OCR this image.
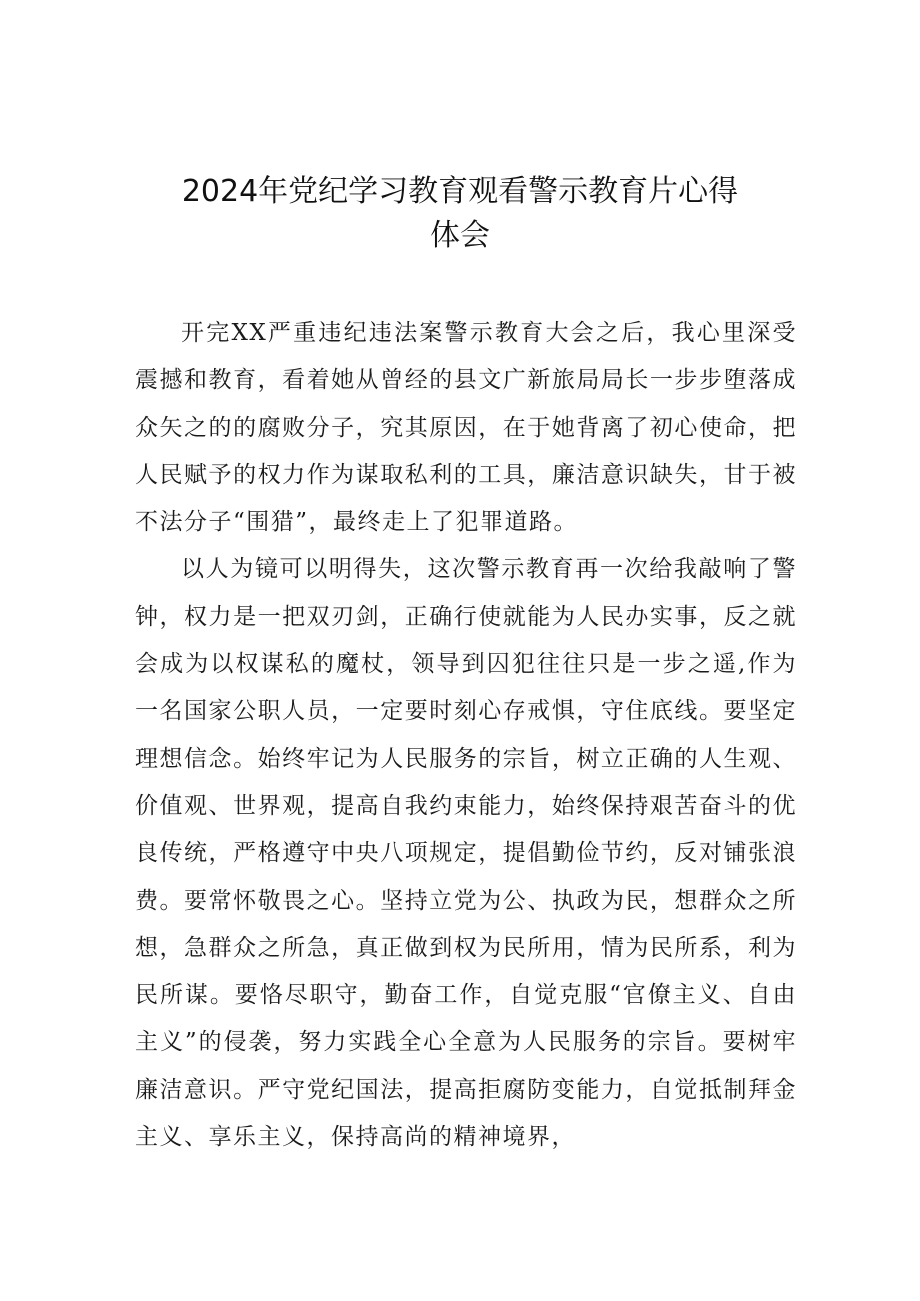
2024年党纪学习教育观看警示教育片心得
体会

开完XX严重违纪违法案警示教育大会之后，我心里深受震撼和教育，看着她从曾经的县文广新旅局局长一步步堕落成众矢之的的腐败分子，究其原因，在于她背离了初心使命，把人民赋予的权力作为谋取私利的工具，廉洁意识缺失，甘于被不法分子“围猎”，最终走上了犯罪道路。

以人为镜可以明得失，这次警示教育再一次给我敲响了警钟，权力是一把双刃剑，正确行使就能为人民办实事，反之就会成为以权谋私的魔杖，领导到囚犯往往只是一步之遥,作为一名国家公职人员，一定要时刻心存戒惧，守住底线。要坚定理想信念。始终牢记为人民服务的宗旨，树立正确的人生观、价值观、世界观，提高自我约束能力，始终保持艰苦奋斗的优良传统，严格遵守中央八项规定，提倡勤俭节约，反对铺张浪费。要常怀敬畏之心。坚持立党为公、执政为民，想群众之所想，急群众之所急，真正做到权为民所用，情为民所系，利为民所谋。要恪尽职守，勤奋工作，自觉克服“官僚主义、自由主义”的侵袭，努力实践全心全意为人民服务的宗旨。要树牢廉洁意识。严守党纪国法，提高拒腐防变能力，自觉抵制拜金主义、享乐主义，保持高尚的精神境界，
